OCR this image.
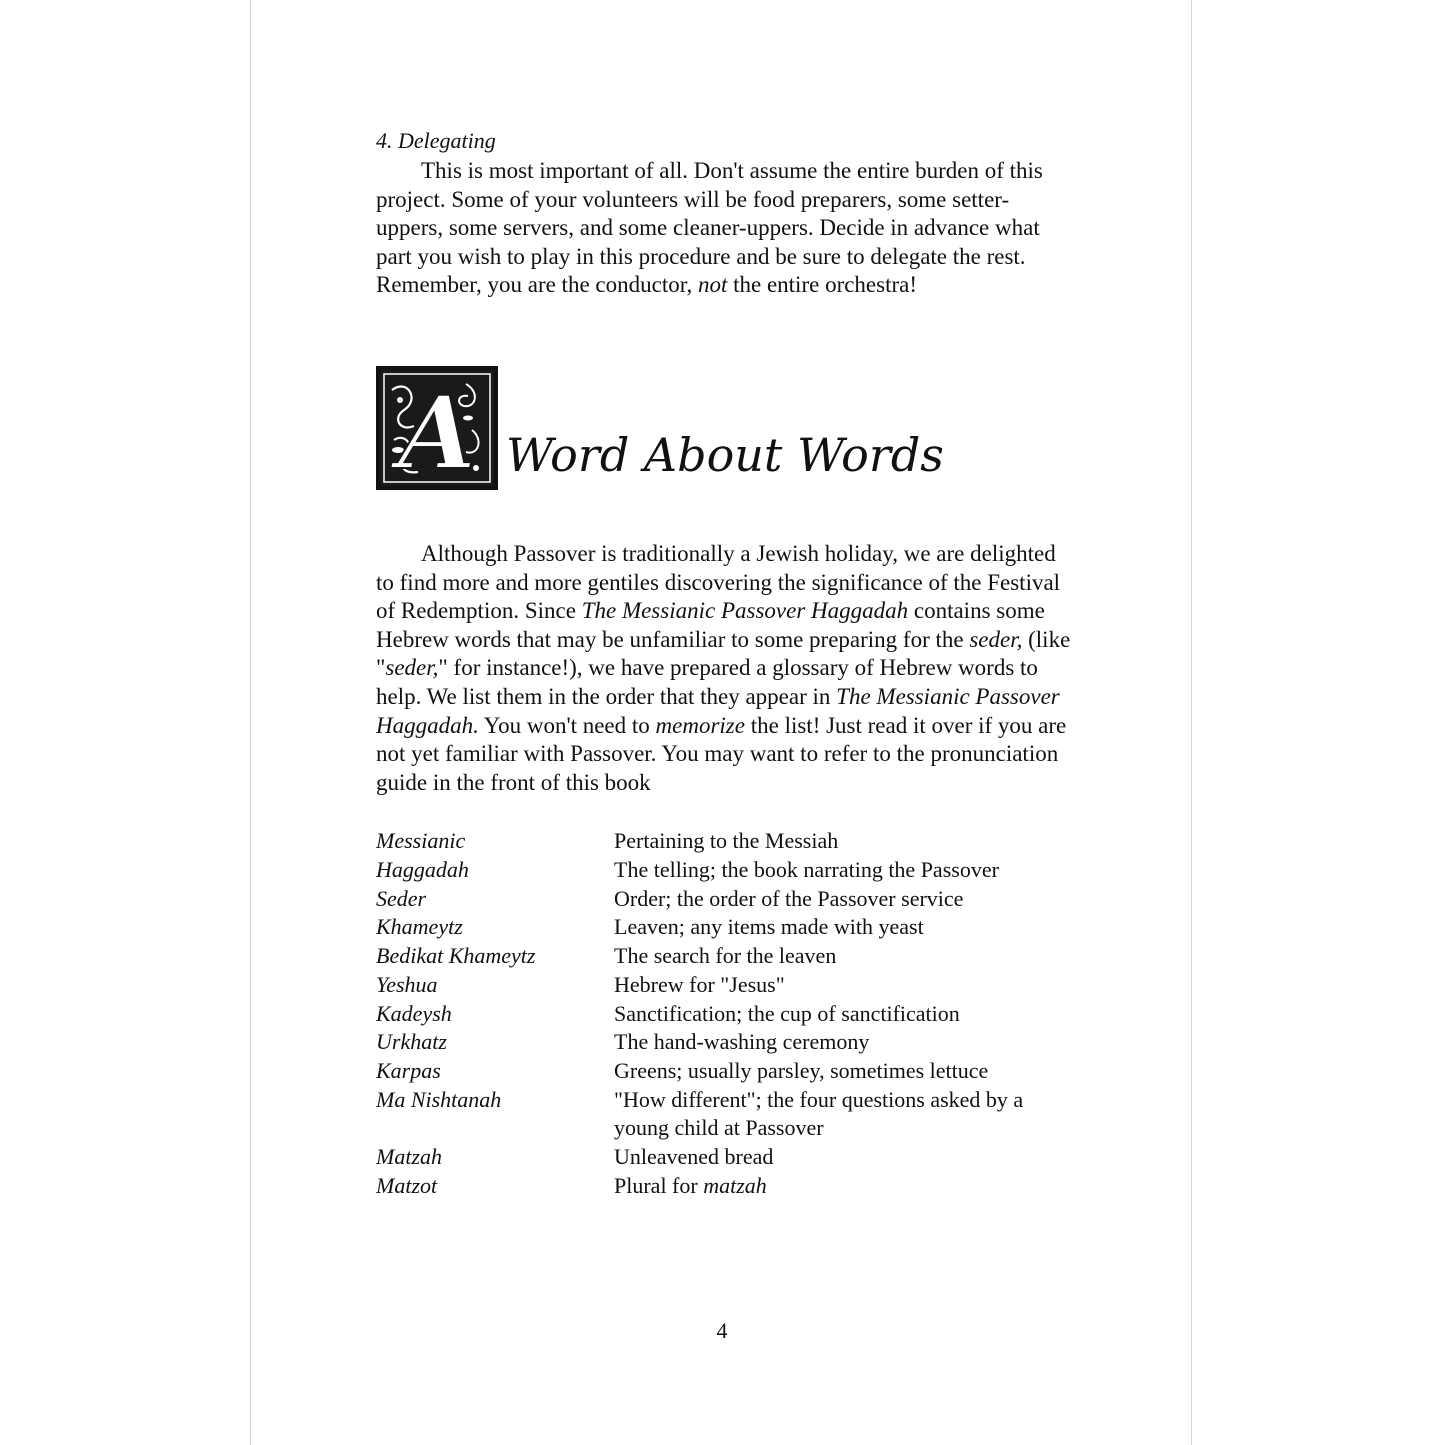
4. Delegating

This is most important of all. Don't assume the entire burden of this project. Some of your volunteers will be food preparers, some setter-uppers, some servers, and some cleaner-uppers. Decide in advance what part you wish to play in this procedure and be sure to delegate the rest. Remember, you are the conductor, not the entire orchestra!

A Word About Words

Although Passover is traditionally a Jewish holiday, we are delighted to find more and more gentiles discovering the significance of the Festival of Redemption. Since The Messianic Passover Haggadah contains some Hebrew words that may be unfamiliar to some preparing for the seder, (like "seder," for instance!), we have prepared a glossary of Hebrew words to help. We list them in the order that they appear in The Messianic Passover Haggadah. You won't need to memorize the list! Just read it over if you are not yet familiar with Passover. You may want to refer to the pronunciation guide in the front of this book

Messianic	Pertaining to the Messiah
Haggadah	The telling; the book narrating the Passover
Seder	Order; the order of the Passover service
Khameytz	Leaven; any items made with yeast
Bedikat Khameytz	The search for the leaven
Yeshua	Hebrew for "Jesus"
Kadeysh	Sanctification; the cup of sanctification
Urkhatz	The hand-washing ceremony
Karpas	Greens; usually parsley, sometimes lettuce
Ma Nishtanah	"How different"; the four questions asked by a young child at Passover
Matzah	Unleavened bread
Matzot	Plural for matzah
4
